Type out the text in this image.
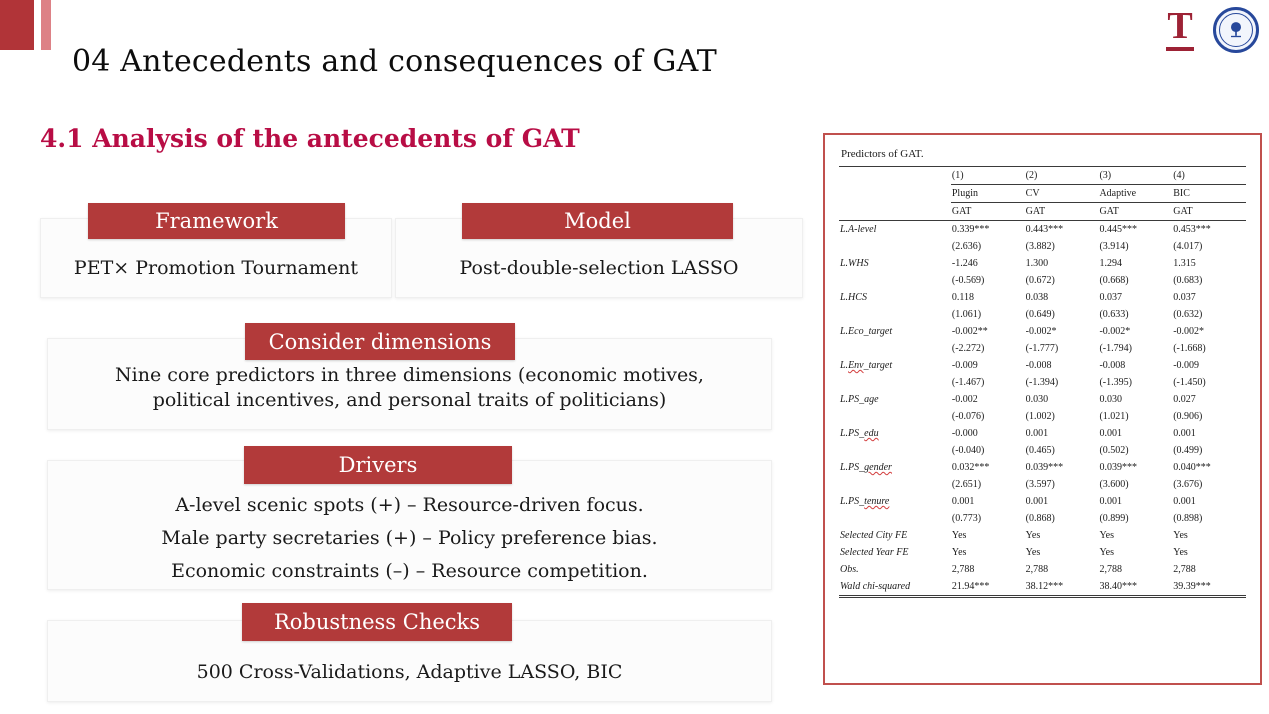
04 Antecedents and consequences of GAT
T
4.1 Analysis of the antecedents of GAT
PET× Promotion Tournament
Framework
Post-double-selection LASSO
Model
Nine core predictors in three dimensions (economic motives,
political incentives, and personal traits of politicians)
Consider dimensions
A-level scenic spots (+) – Resource-driven focus.
Male party secretaries (+) – Policy preference bias.
Economic constraints (–) – Resource competition.
Drivers
500 Cross-Validations, Adaptive LASSO, BIC
Robustness Checks
Predictors of GAT.
	(1)	(2)	(3)	(4)
	Plugin	CV	Adaptive	BIC
	GAT	GAT	GAT	GAT
L.A-level	0.339***	0.443***	0.445***	0.453***
	(2.636)	(3.882)	(3.914)	(4.017)
L.WHS	-1.246	1.300	1.294	1.315
	(-0.569)	(0.672)	(0.668)	(0.683)
L.HCS	0.118	0.038	0.037	0.037
	(1.061)	(0.649)	(0.633)	(0.632)
L.Eco_target	-0.002**	-0.002*	-0.002*	-0.002*
	(-2.272)	(-1.777)	(-1.794)	(-1.668)
L.Env_target	-0.009	-0.008	-0.008	-0.009
	(-1.467)	(-1.394)	(-1.395)	(-1.450)
L.PS_age	-0.002	0.030	0.030	0.027
	(-0.076)	(1.002)	(1.021)	(0.906)
L.PS_edu	-0.000	0.001	0.001	0.001
	(-0.040)	(0.465)	(0.502)	(0.499)
L.PS_gender	0.032***	0.039***	0.039***	0.040***
	(2.651)	(3.597)	(3.600)	(3.676)
L.PS_tenure	0.001	0.001	0.001	0.001
	(0.773)	(0.868)	(0.899)	(0.898)
Selected City FE	Yes	Yes	Yes	Yes
Selected Year FE	Yes	Yes	Yes	Yes
Obs.	2,788	2,788	2,788	2,788
Wald chi-squared	21.94***	38.12***	38.40***	39.39***
